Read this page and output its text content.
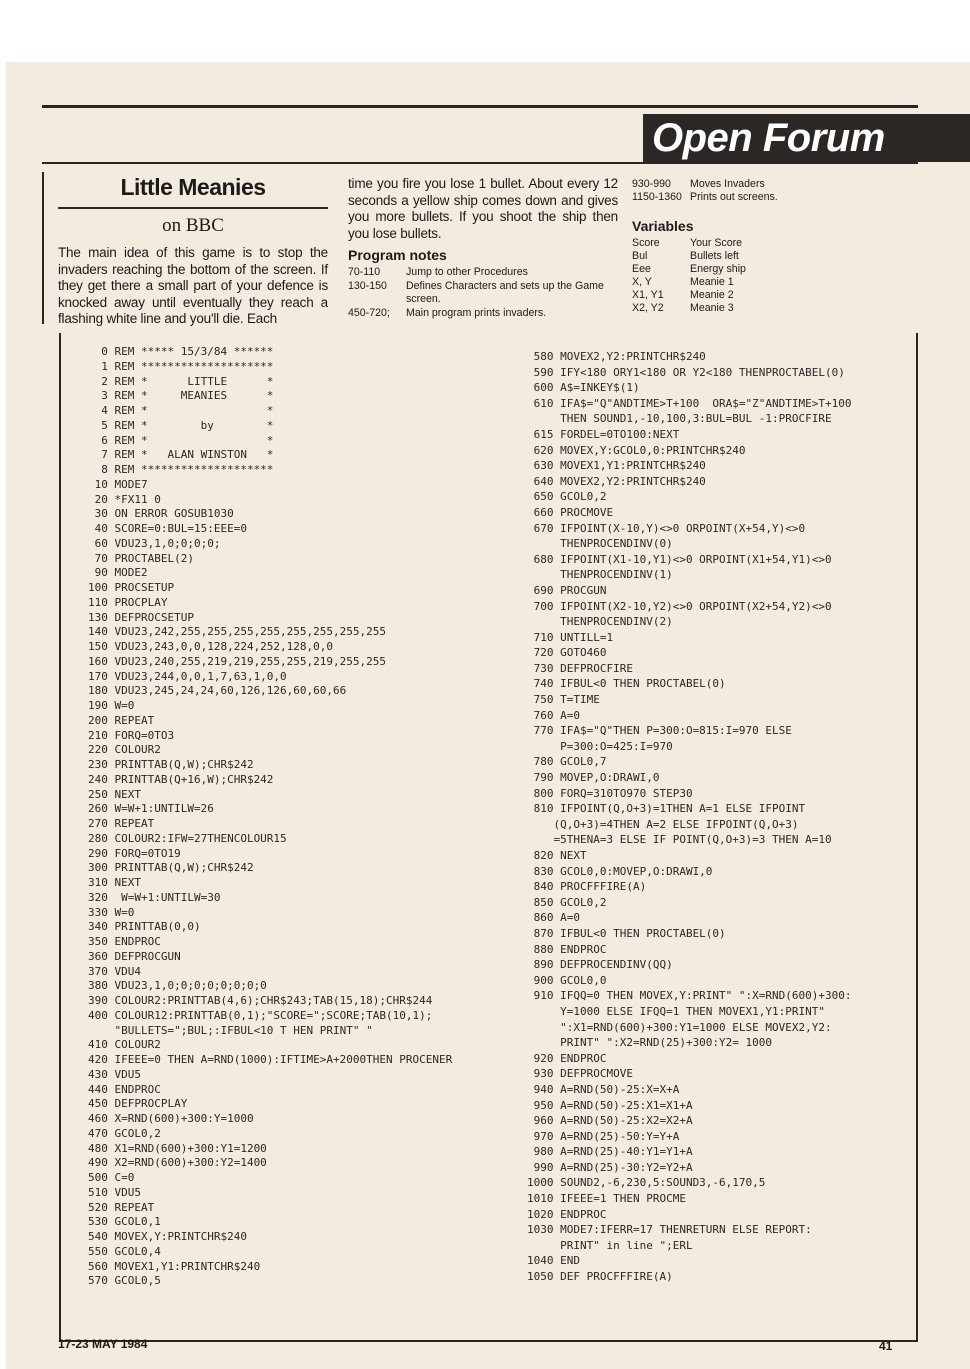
Open Forum
Little Meanies
on BBC
The main idea of this game is to stop the invaders reaching the bottom of the screen. If they get there a small part of your defence is knocked away until eventually they reach a flashing white line and you'll die. Each
time you fire you lose 1 bullet. About every 12 seconds a yellow ship comes down and gives you more bullets. If you shoot the ship then you lose bullets.
Program notes
70-110	Jump to other Procedures
130-150	Defines Characters and sets up the Game screen.
450-720;	Main program prints invaders.
930-990	Moves Invaders
1150-1360 Prints out screens.
Variables
Score	Your Score
Bul	Bullets left
Eee	Energy ship
X, Y	Meanie 1
X1, Y1	Meanie 2
X2, Y2	Meanie 3
0 REM ***** 15/3/84 ******
1 REM ********************
2 REM *      LITTLE      *
3 REM *     MEANIES      *
4 REM *                  *
5 REM *        by        *
6 REM *                  *
7 REM *   ALAN WINSTON   *
8 REM ********************
10 MODE7
20 *FX11 0
30 ON ERROR GOSUB1030
40 SCORE=0:BUL=15:EEE=0
60 VDU23,1,0;0;0;0;
70 PROCTABEL(2)
90 MODE2
100 PROCSETUP
110 PROCPLAY
130 DEFPROCSETUP
140 VDU23,242,255,255,255,255,255,255,255,255
150 VDU23,243,0,0,128,224,252,128,0,0
160 VDU23,240,255,219,219,255,255,219,255,255
170 VDU23,244,0,0,1,7,63,1,0,0
180 VDU23,245,24,24,60,126,126,60,60,66
190 W=0
200 REPEAT
210 FORQ=0TO3
220 COLOUR2
230 PRINTTAB(Q,W);CHR$242
240 PRINTTAB(Q+16,W);CHR$242
250 NEXT
260 W=W+1:UNTILW=26
270 REPEAT
280 COLOUR2:IFW=27THENCOLOUR15
290 FORQ=0TO19
300 PRINTTAB(Q,W);CHR$242
310 NEXT
320  W=W+1:UNTILW=30
330 W=0
340 PRINTTAB(0,0)
350 ENDPROC
360 DEFPROCGUN
370 VDU4
380 VDU23,1,0;0;0;0;0;0;0;0
390 COLOUR2:PRINTTAB(4,6);CHR$243;TAB(15,18);CHR$244
400 COLOUR12:PRINTTAB(0,1);"SCORE=";SCORE;TAB(10,1);
"BULLETS=";BUL;:IFBUL<10 T HEN PRINT" "
410 COLOUR2
420 IFEEE=0 THEN A=RND(1000):IFTIME>A+2000THEN PROCENER
430 VDU5
440 ENDPROC
450 DEFPROCPLAY
460 X=RND(600)+300:Y=1000
470 GCOL0,2
480 X1=RND(600)+300:Y1=1200
490 X2=RND(600)+300:Y2=1400
500 C=0
510 VDU5
520 REPEAT
530 GCOL0,1
540 MOVEX,Y:PRINTCHR$240
550 GCOL0,4
560 MOVEX1,Y1:PRINTCHR$240
570 GCOL0,5

580 MOVEX2,Y2:PRINTCHR$240
590 IFY<180 ORY1<180 OR Y2<180 THENPROCTABEL(0)
600 A$=INKEY$(1)
610 IFA$="Q"ANDTIME>T+100  ORA$="Z"ANDTIME>T+100
THEN SOUND1,-10,100,3:BUL=BUL -1:PROCFIRE
615 FORDEL=0TO100:NEXT
620 MOVEX,Y:GCOL0,0:PRINTCHR$240
630 MOVEX1,Y1:PRINTCHR$240
640 MOVEX2,Y2:PRINTCHR$240
650 GCOL0,2
660 PROCMOVE
670 IFPOINT(X-10,Y)<>0 ORPOINT(X+54,Y)<>0
THENPROCENDINV(0)
680 IFPOINT(X1-10,Y1)<>0 ORPOINT(X1+54,Y1)<>0
THENPROCENDINV(1)
690 PROCGUN
700 IFPOINT(X2-10,Y2)<>0 ORPOINT(X2+54,Y2)<>0
THENPROCENDINV(2)
710 UNTILL=1
720 GOTO460
730 DEFPROCFIRE
740 IFBUL<0 THEN PROCTABEL(0)
750 T=TIME
760 A=0
770 IFA$="Q"THEN P=300:O=815:I=970 ELSE
P=300:O=425:I=970
780 GCOL0,7
790 MOVEP,O:DRAWI,0
800 FORQ=310TO970 STEP30
810 IFPOINT(Q,O+3)=1THEN A=1 ELSE IFPOINT
(Q,O+3)=4THEN A=2 ELSE IFPOINT(Q,O+3)
=5THENA=3 ELSE IF POINT(Q,O+3)=3 THEN A=10
820 NEXT
830 GCOL0,0:MOVEP,O:DRAWI,0
840 PROCFFFIRE(A)
850 GCOL0,2
860 A=0
870 IFBUL<0 THEN PROCTABEL(0)
880 ENDPROC
890 DEFPROCENDINV(QQ)
900 GCOL0,0
910 IFQQ=0 THEN MOVEX,Y:PRINT" ":X=RND(600)+300:
Y=1000 ELSE IFQQ=1 THEN MOVEX1,Y1:PRINT"
":X1=RND(600)+300:Y1=1000 ELSE MOVEX2,Y2:
PRINT" ":X2=RND(25)+300:Y2= 1000
920 ENDPROC
930 DEFPROCMOVE
940 A=RND(50)-25:X=X+A
950 A=RND(50)-25:X1=X1+A
960 A=RND(50)-25:X2=X2+A
970 A=RND(25)-50:Y=Y+A
980 A=RND(25)-40:Y1=Y1+A
990 A=RND(25)-30:Y2=Y2+A
1000 SOUND2,-6,230,5:SOUND3,-6,170,5
1010 IFEEE=1 THEN PROCME
1020 ENDPROC
1030 MODE7:IFERR=17 THENRETURN ELSE REPORT:
PRINT" in line ";ERL
1040 END
1050 DEF PROCFFFIRE(A)

17-23 MAY 1984	41
